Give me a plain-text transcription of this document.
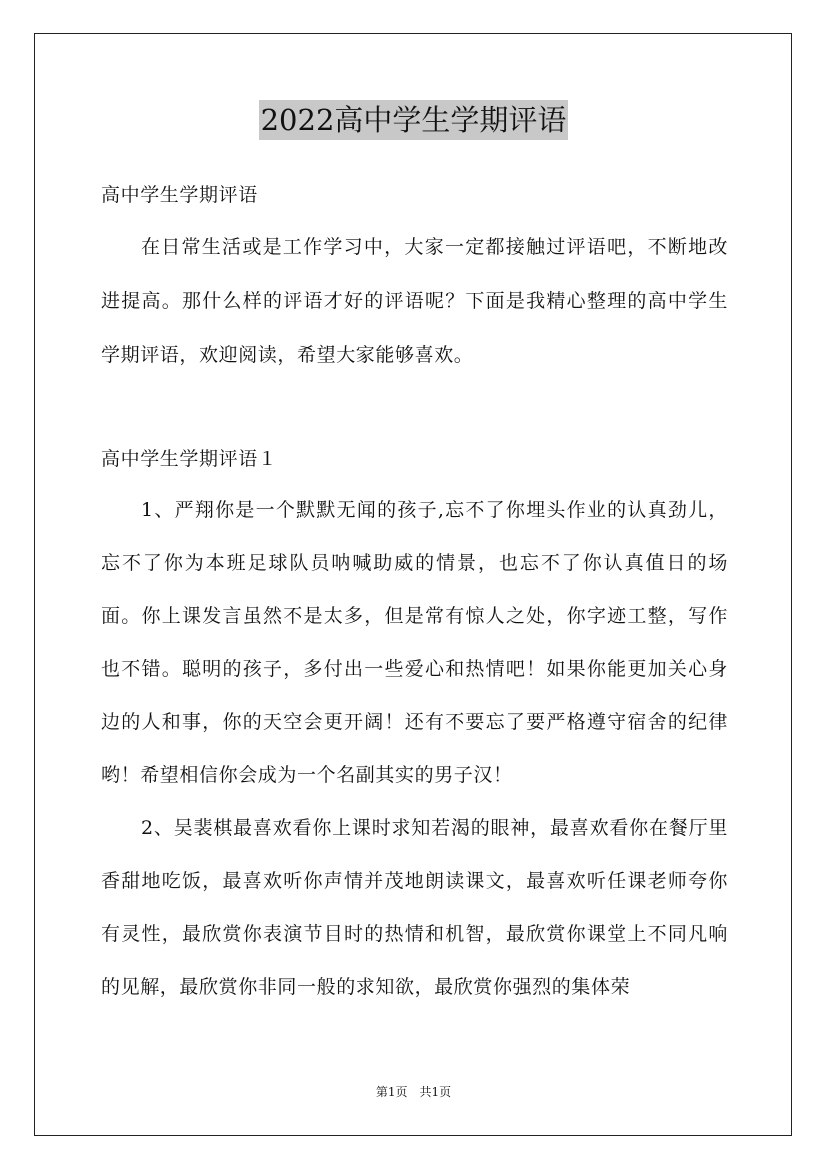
2022高中学生学期评语

高中学生学期评语

在日常生活或是工作学习中，大家一定都接触过评语吧，不断地改进提高。那什么样的评语才好的评语呢？下面是我精心整理的高中学生学期评语，欢迎阅读，希望大家能够喜欢。

高中学生学期评语１

1、严翔你是一个默默无闻的孩子,忘不了你埋头作业的认真劲儿，忘不了你为本班足球队员呐喊助威的情景，也忘不了你认真值日的场面。你上课发言虽然不是太多，但是常有惊人之处，你字迹工整，写作也不错。聪明的孩子，多付出一些爱心和热情吧！如果你能更加关心身边的人和事，你的天空会更开阔！还有不要忘了要严格遵守宿舍的纪律哟！希望相信你会成为一个名副其实的男子汉！

2、吴裴棋最喜欢看你上课时求知若渴的眼神，最喜欢看你在餐厅里香甜地吃饭，最喜欢听你声情并茂地朗读课文，最喜欢听任课老师夸你有灵性，最欣赏你表演节目时的热情和机智，最欣赏你课堂上不同凡响的见解，最欣赏你非同一般的求知欲，最欣赏你强烈的集体荣

第1页　共1页
